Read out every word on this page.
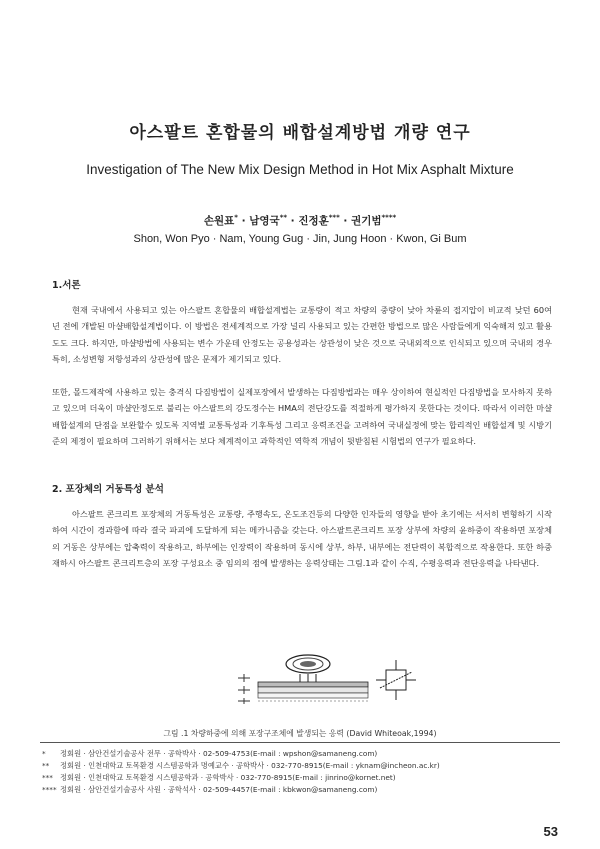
아스팔트 혼합물의 배합설계방법 개량 연구
Investigation of The New Mix Design Method in Hot Mix Asphalt Mixture
손원표* · 남영국** · 진정훈*** · 권기범****
Shon, Won Pyo · Nam, Young Gug · Jin, Jung Hoon · Kwon, Gi Bum
1.서론

현재 국내에서 사용되고 있는 아스팔트 혼합물의 배합설계법는 교통량이 적고 차량의 중량이 낮아 차륜의 접지압이 비교적 낮던 60여 년 전에 개발된 마샬배합설계법이다. 이 방법은 전세계적으로 가장 널리 사용되고 있는 간편한 방법으로 많은 사람들에게 익숙해져 있고 활용도도 크다. 하지만, 마샬방법에 사용되는 변수 가운데 안정도는 공용성과는 상관성이 낮은 것으로 국내외적으로 인식되고 있으며 국내의 경우 특히, 소성변형 저항성과의 상관성에 많은 문제가 제기되고 있다.

또한, 몰드제작에 사용하고 있는 충격식 다짐방법이 실제포장에서 발생하는 다짐방법과는 매우 상이하여 현실적인 다짐방법을 모사하지 못하고 있으며 더욱이 마샬안정도로 불리는 아스팔트의 강도정수는 HMA의 전단강도를 적절하게 평가하지 못한다는 것이다. 따라서 이러한 마샬배합설계의 단점을 보완할수 있도록 지역별 교통특성과 기후특성 그리고 응력조건을 고려하여 국내실정에 맞는 합리적인 배합설계 및 시방기준의 제정이 필요하며 그러하기 위해서는 보다 체계적이고 과학적인 역학적 개념이 뒷받침된 시험법의 연구가 필요하다.

2. 포장체의 거동특성 분석

아스팔트 콘크리트 포장체의 거동특성은 교통량, 주행속도, 온도조건등의 다양한 인자들의 영향을 받아 초기에는 서서히 변형하기 시작하여 시간이 경과함에 따라 결국 파괴에 도달하게 되는 메카니즘을 갖는다. 아스팔트콘크리트 포장 상부에 차량의 윤하중이 작용하면 포장체의 거동은 상부에는 압축력이 작용하고, 하부에는 인장력이 작용하며 동시에 상부, 하부, 내부에는 전단력이 복합적으로 작용한다. 또한 하중 재하시 아스팔트 콘크리트층의 포장 구성요소 중 임의의 점에 발생하는 응력상태는 그림.1과 같이 수직, 수평응력과 전단응력을 나타낸다.

그림 .1 차량하중에 의해 포장구조체에 발생되는 응력 (David Whiteoak,1994)
* 정회원 · 삼안건설기술공사 전무 · 공학박사 · 02-509-4753(E-mail : wpshon@samaneng.com)
** 정회원 · 인천대학교 토목환경 시스템공학과 명예교수 · 공학박사 · 032-770-8915(E-mail : yknam@incheon.ac.kr)
*** 정회원 · 인천대학교 토목환경 시스템공학과 · 공학박사 · 032-770-8915(E-mail : jinrino@kornet.net)
**** 정회원 · 삼안건설기술공사 사원 · 공학석사 · 02-509-4457(E-mail : kbkwon@samaneng.com)
53
